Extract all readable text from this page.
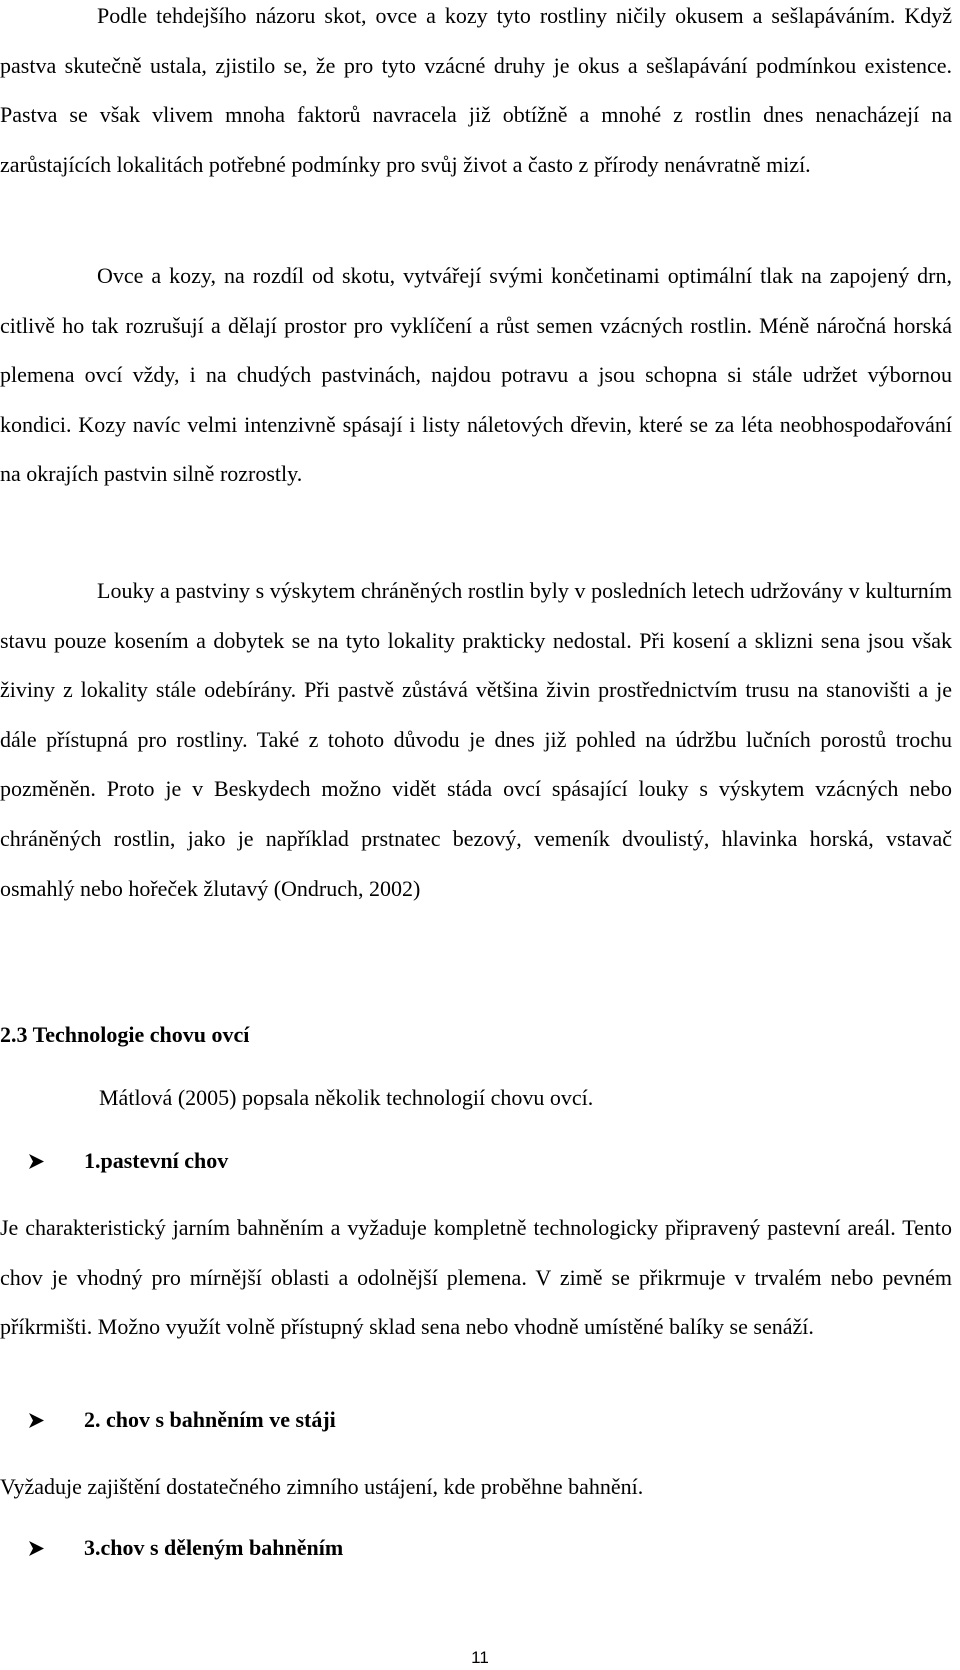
Podle tehdejšího názoru skot, ovce a kozy tyto rostliny ničily okusem a sešlapáváním. Když pastva skutečně ustala, zjistilo se, že pro tyto vzácné druhy je okus a sešlapávání podmínkou existence. Pastva se však vlivem mnoha faktorů navracela již obtížně a mnohé z rostlin dnes nenacházejí na zarůstajících lokalitách potřebné podmínky pro svůj život a často z přírody nenávratně mizí.

Ovce a kozy, na rozdíl od skotu, vytvářejí svými končetinami optimální tlak na zapojený drn, citlivě ho tak rozrušují a dělají prostor pro vyklíčení a růst semen vzácných rostlin. Méně náročná horská plemena ovcí vždy, i na chudých pastvinách, najdou potravu a jsou schopna si stále udržet výbornou kondici. Kozy navíc velmi intenzivně spásají i listy náletových dřevin, které se za léta neobhospodařování na okrajích pastvin silně rozrostly.

Louky a pastviny s výskytem chráněných rostlin byly v posledních letech udržovány v kulturním stavu pouze kosením a dobytek se na tyto lokality prakticky nedostal. Při kosení a sklizni sena jsou však živiny z lokality stále odebírány. Při pastvě zůstává většina živin prostřednictvím trusu na stanovišti a je dále přístupná pro rostliny. Také z tohoto důvodu je dnes již pohled na údržbu lučních porostů trochu pozměněn. Proto je v Beskydech možno vidět stáda ovcí spásající louky s výskytem vzácných nebo chráněných rostlin, jako je například prstnatec bezový, vemeník dvoulistý, hlavinka horská, vstavač osmahlý nebo hořeček žlutavý (Ondruch, 2002)

2.3 Technologie chovu ovcí

Mátlová (2005) popsala několik technologií chovu ovcí.

1.pastevní chov

Je charakteristický jarním bahněním a vyžaduje kompletně technologicky připravený pastevní areál. Tento chov je vhodný pro mírnější oblasti a odolnější plemena. V zimě se přikrmuje v trvalém nebo pevném příkrmišti. Možno využít volně přístupný sklad sena nebo vhodně umístěné balíky se senáží.

2. chov s bahněním ve stáji

Vyžaduje zajištění dostatečného zimního ustájení, kde proběhne bahnění.

3.chov s děleným bahněním
11
